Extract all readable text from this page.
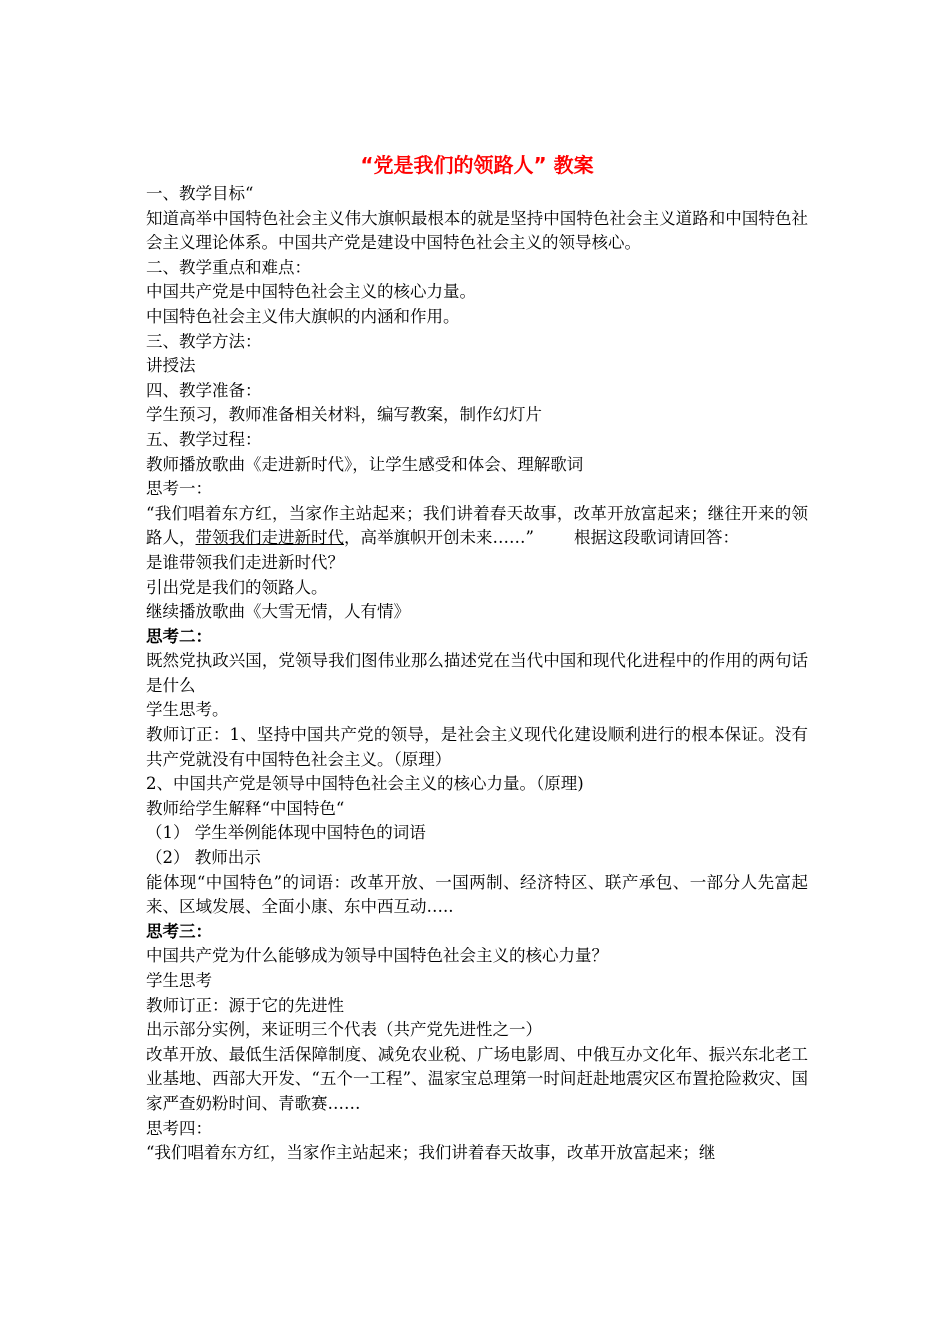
“党是我们的领路人” 教案

一、教学目标“

知道高举中国特色社会主义伟大旗帜最根本的就是坚持中国特色社会主义道路和中国特色社会主义理论体系。中国共产党是建设中国特色社会主义的领导核心。

二、教学重点和难点：

中国共产党是中国特色社会主义的核心力量。

中国特色社会主义伟大旗帜的内涵和作用。

三、教学方法：

讲授法

四、教学准备：

学生预习，教师准备相关材料，编写教案，制作幻灯片

五、教学过程：

教师播放歌曲《走进新时代》，让学生感受和体会、理解歌词

思考一：

“我们唱着东方红，当家作主站起来；我们讲着春天故事，改革开放富起来；继往开来的领路人，带领我们走进新时代，高举旗帜开创未来……” 根据这段歌词请回答：

是谁带领我们走进新时代？

引出党是我们的领路人。

继续播放歌曲《大雪无情，人有情》

思考二：

既然党执政兴国，党领导我们图伟业那么描述党在当代中国和现代化进程中的作用的两句话是什么

学生思考。

教师订正：1、坚持中国共产党的领导，是社会主义现代化建设顺利进行的根本保证。没有共产党就没有中国特色社会主义。（原理）

2、中国共产党是领导中国特色社会主义的核心力量。（原理)

教师给学生解释“中国特色“

（1） 学生举例能体现中国特色的词语

（2） 教师出示

能体现“中国特色”的词语：改革开放、一国两制、经济特区、联产承包、一部分人先富起来、区域发展、全面小康、东中西互动…..

思考三：

中国共产党为什么能够成为领导中国特色社会主义的核心力量？

学生思考

教师订正：源于它的先进性

出示部分实例，来证明三个代表（共产党先进性之一）

改革开放、最低生活保障制度、减免农业税、广场电影周、中俄互办文化年、振兴东北老工业基地、西部大开发、“五个一工程”、温家宝总理第一时间赶赴地震灾区布置抢险救灾、国家严查奶粉时间、青歌赛……

思考四：

“我们唱着东方红，当家作主站起来；我们讲着春天故事，改革开放富起来；继
